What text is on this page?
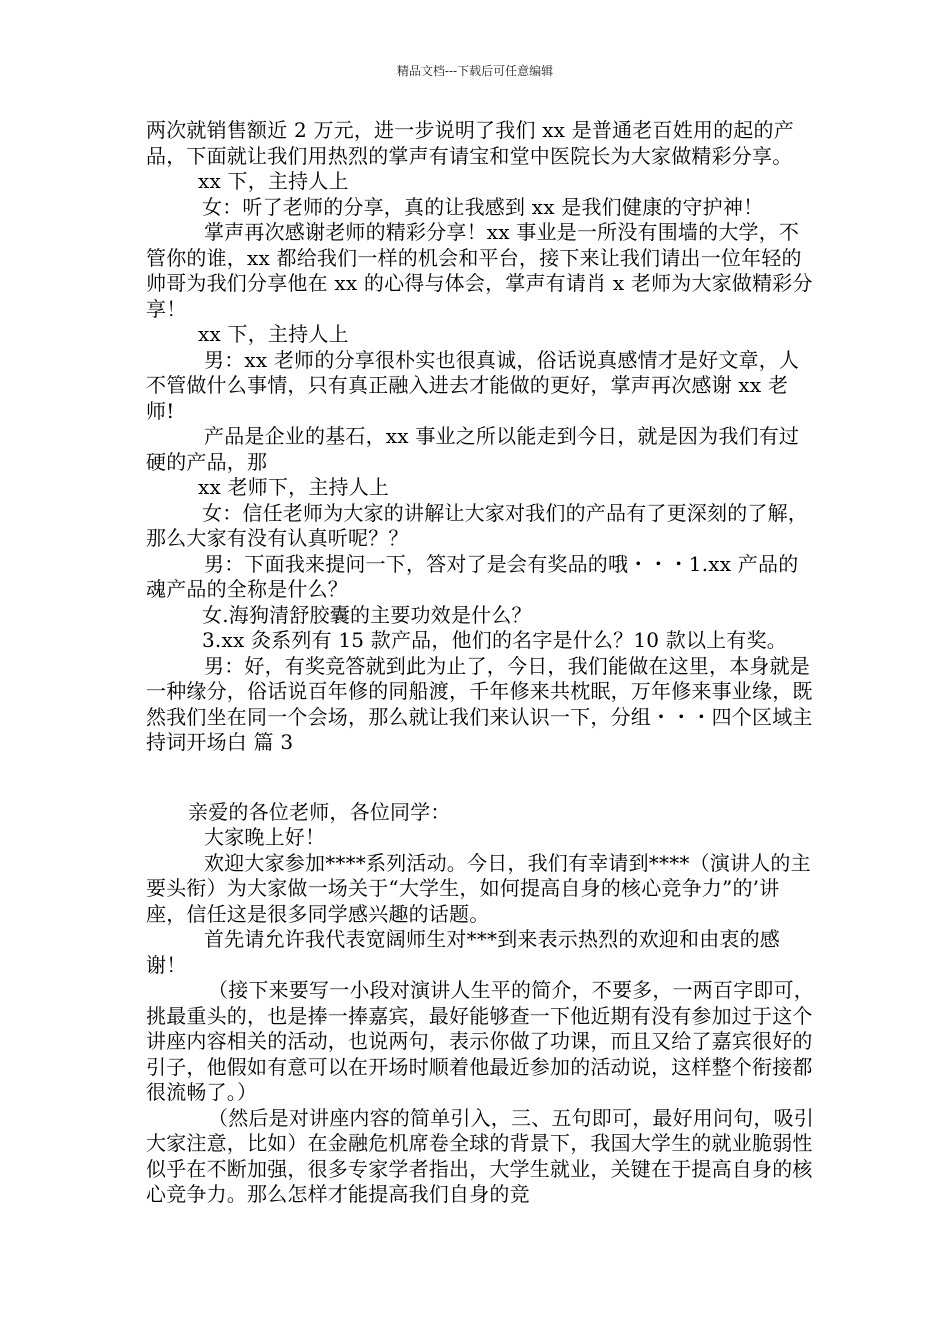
精品文档---下载后可任意编辑

两次就销售额近 2 万元，进一步说明了我们 xx 是普通老百姓用的起的产品，下面就让我们用热烈的掌声有请宝和堂中医院长为大家做精彩分享。

xx 下，主持人上

女：听了老师的分享，真的让我感到 xx 是我们健康的守护神！

掌声再次感谢老师的精彩分享！xx 事业是一所没有围墙的大学，不管你的谁，xx 都给我们一样的机会和平台，接下来让我们请出一位年轻的帅哥为我们分享他在 xx 的心得与体会，掌声有请肖 x 老师为大家做精彩分享！

xx 下，主持人上

男：xx 老师的分享很朴实也很真诚，俗话说真感情才是好文章，人不管做什么事情，只有真正融入进去才能做的更好，掌声再次感谢 xx 老师!

产品是企业的基石，xx 事业之所以能走到今日，就是因为我们有过硬的产品，那

xx 老师下，主持人上

女：信任老师为大家的讲解让大家对我们的产品有了更深刻的了解，那么大家有没有认真听呢？？

男：下面我来提问一下，答对了是会有奖品的哦・・・1.xx 产品的魂产品的全称是什么？

女.海狗清舒胶囊的主要功效是什么？

3.xx 灸系列有 15 款产品，他们的名字是什么？10 款以上有奖。

男：好，有奖竞答就到此为止了，今日，我们能做在这里，本身就是一种缘分，俗话说百年修的同船渡，千年修来共枕眠，万年修来事业缘，既然我们坐在同一个会场，那么就让我们来认识一下，分组・・・四个区域主持词开场白 篇 3

亲爱的各位老师，各位同学：

大家晚上好！

欢迎大家参加****系列活动。今日，我们有幸请到****（演讲人的主要头衔）为大家做一场关于“大学生，如何提高自身的核心竞争力”的’讲座，信任这是很多同学感兴趣的话题。

首先请允许我代表宽阔师生对***到来表示热烈的欢迎和由衷的感谢！

（接下来要写一小段对演讲人生平的简介，不要多，一两百字即可，挑最重头的，也是捧一捧嘉宾，最好能够查一下他近期有没有参加过于这个讲座内容相关的活动，也说两句，表示你做了功课，而且又给了嘉宾很好的引子，他假如有意可以在开场时顺着他最近参加的活动说，这样整个衔接都很流畅了。）

（然后是对讲座内容的简单引入，三、五句即可，最好用问句，吸引大家注意，比如）在金融危机席卷全球的背景下，我国大学生的就业脆弱性似乎在不断加强，很多专家学者指出，大学生就业，关键在于提高自身的核心竞争力。那么怎样才能提高我们自身的竞
